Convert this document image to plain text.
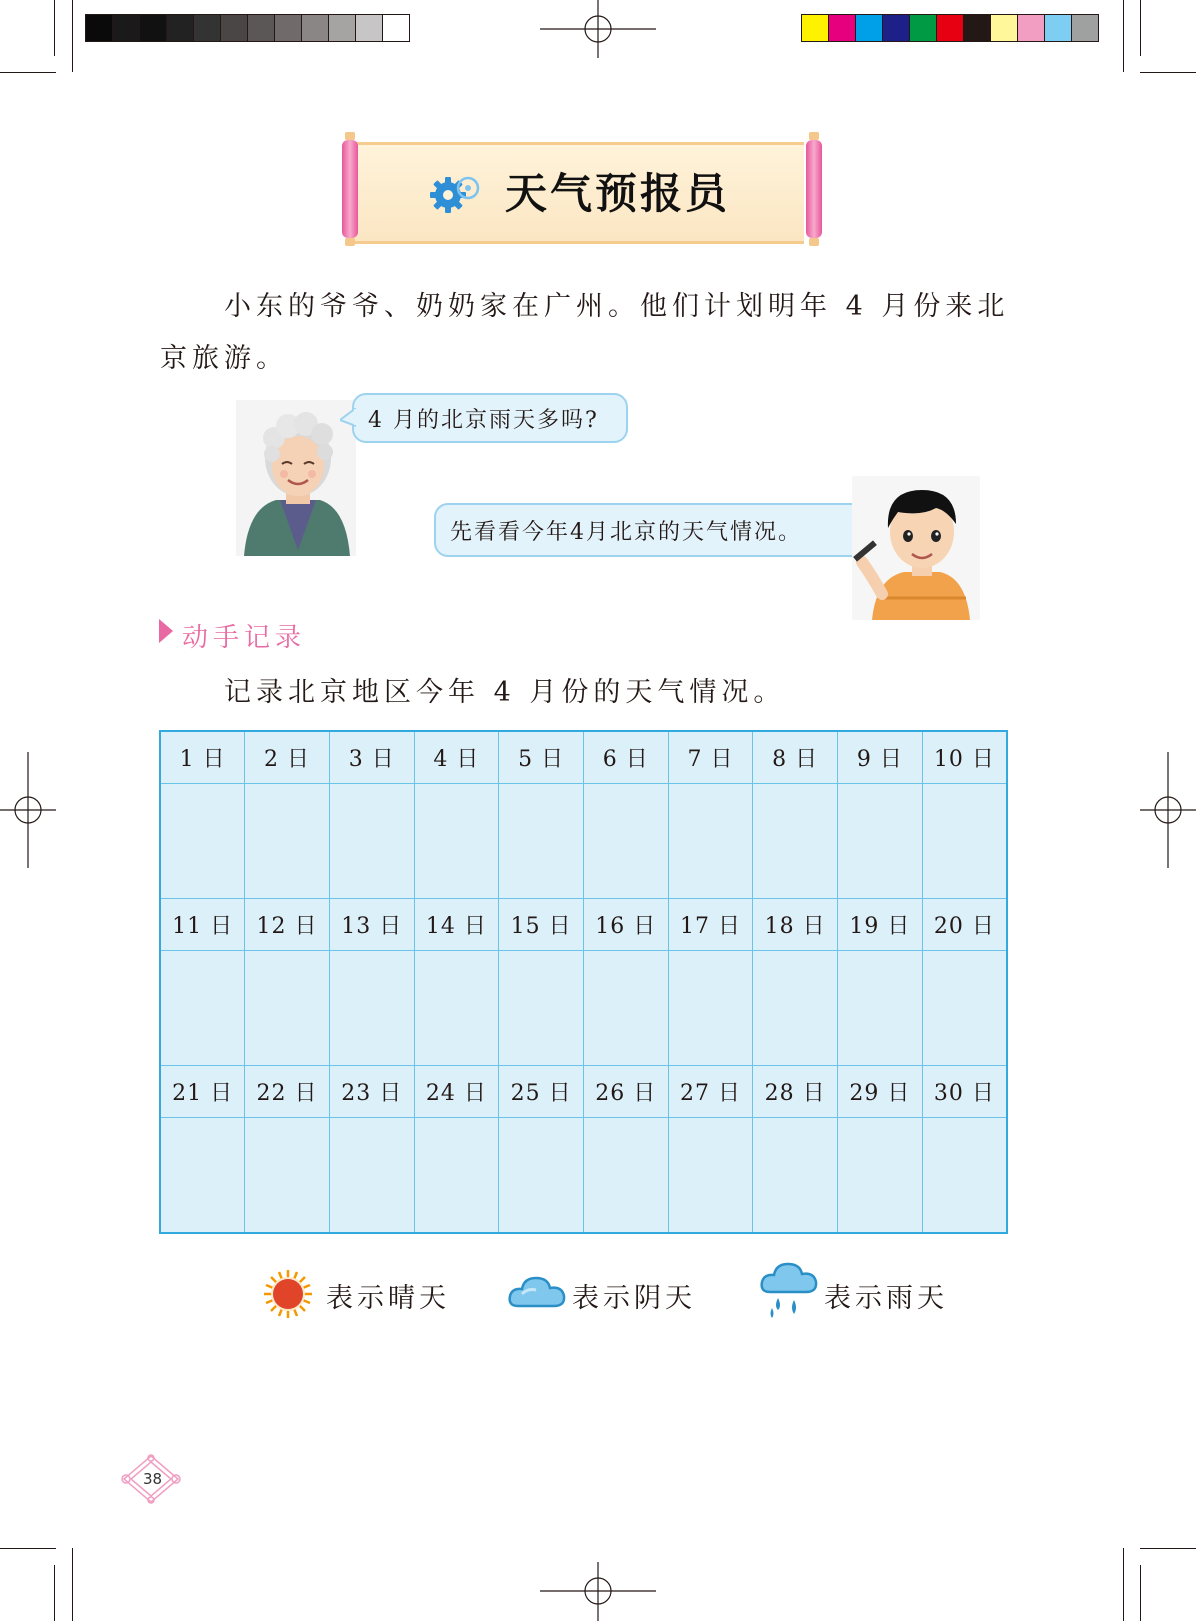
天气预报员
小东的爷爷、奶奶家在广州。他们计划明年 4 月份来北
京旅游。
4 月的北京雨天多吗?
先看看今年4月北京的天气情况。
动手记录
记录北京地区今年 4 月份的天气情况。
1 日	2 日	3 日	4 日	5 日	6 日	7 日	8 日	9 日	10 日

11 日	12 日	13 日	14 日	15 日	16 日	17 日	18 日	19 日	20 日

21 日	22 日	23 日	24 日	25 日	26 日	27 日	28 日	29 日	30 日

表示晴天	表示阴天	表示雨天
38
